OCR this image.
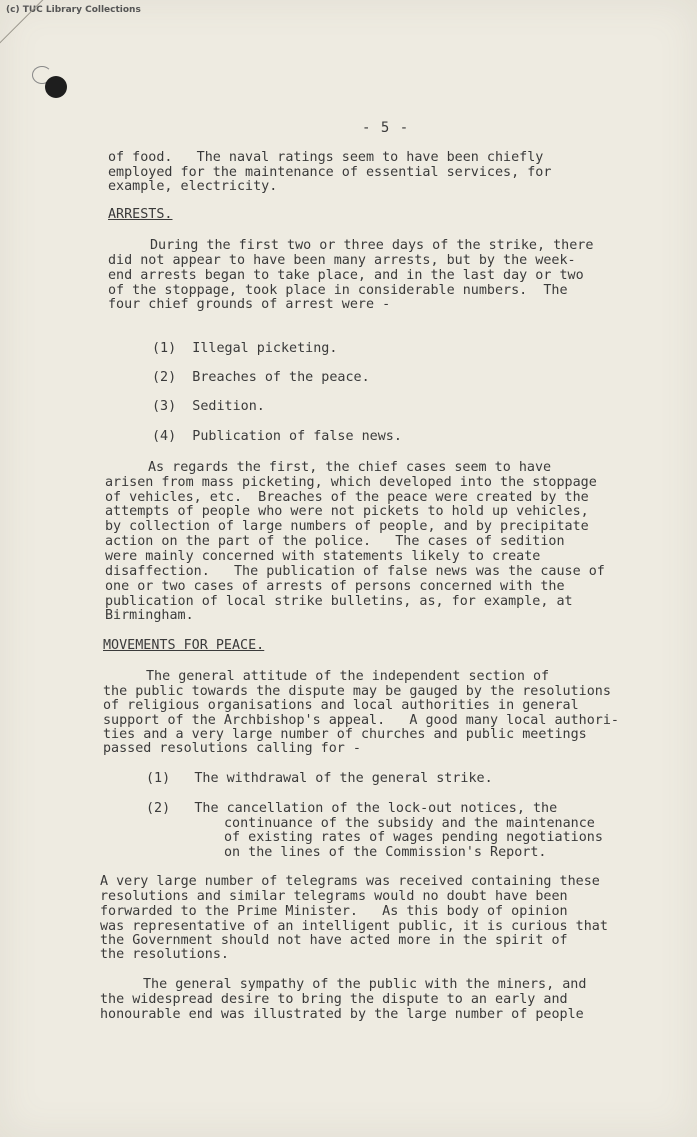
(c) TUC Library Collections
- 5 -
of food.   The naval ratings seem to have been chiefly
employed for the maintenance of essential services, for
example, electricity.
ARRESTS.
During the first two or three days of the strike, there
did not appear to have been many arrests, but by the week-
end arrests began to take place, and in the last day or two
of the stoppage, took place in considerable numbers.  The
four chief grounds of arrest were -
(1)  Illegal picketing.
(2)  Breaches of the peace.
(3)  Sedition.
(4)  Publication of false news.
As regards the first, the chief cases seem to have
arisen from mass picketing, which developed into the stoppage
of vehicles, etc.  Breaches of the peace were created by the
attempts of people who were not pickets to hold up vehicles,
by collection of large numbers of people, and by precipitate
action on the part of the police.   The cases of sedition
were mainly concerned with statements likely to create
disaffection.   The publication of false news was the cause of
one or two cases of arrests of persons concerned with the
publication of local strike bulletins, as, for example, at
Birmingham.
MOVEMENTS FOR PEACE.
The general attitude of the independent section of
the public towards the dispute may be gauged by the resolutions
of religious organisations and local authorities in general
support of the Archbishop's appeal.   A good many local authori-
ties and a very large number of churches and public meetings
passed resolutions calling for -
(1)   The withdrawal of the general strike.
(2)   The cancellation of the lock-out notices, the
continuance of the subsidy and the maintenance
of existing rates of wages pending negotiations
on the lines of the Commission's Report.
A very large number of telegrams was received containing these
resolutions and similar telegrams would no doubt have been
forwarded to the Prime Minister.   As this body of opinion
was representative of an intelligent public, it is curious that
the Government should not have acted more in the spirit of
the resolutions.
The general sympathy of the public with the miners, and
the widespread desire to bring the dispute to an early and
honourable end was illustrated by the large number of people
